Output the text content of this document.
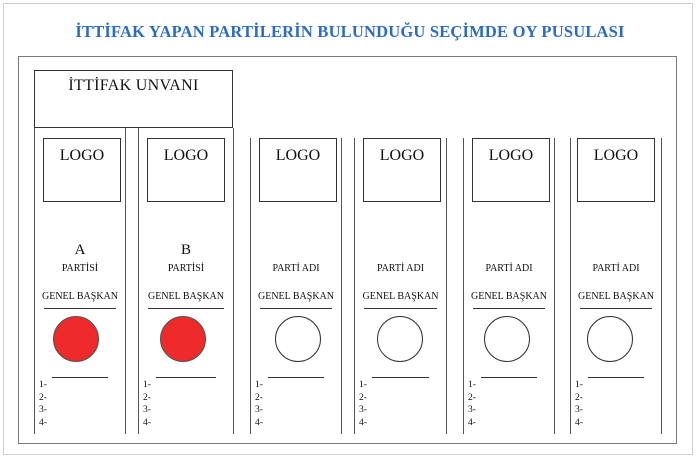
İTTİFAK YAPAN PARTİLERİN BULUNDUĞU SEÇİMDE OY PUSULASI
İTTİFAK UNVANI
LOGO
A
PARTİSİ
GENEL BAŞKAN
1-
2-
3-
4-
LOGO
B
PARTİSİ
GENEL BAŞKAN
1-
2-
3-
4-
LOGO
PARTİ ADI
GENEL BAŞKAN
1-
2-
3-
4-
LOGO
PARTİ ADI
GENEL BAŞKAN
1-
2-
3-
4-
LOGO
PARTİ ADI
GENEL BAŞKAN
1-
2-
3-
4-
LOGO
PARTİ ADI
GENEL BAŞKAN
1-
2-
3-
4-
